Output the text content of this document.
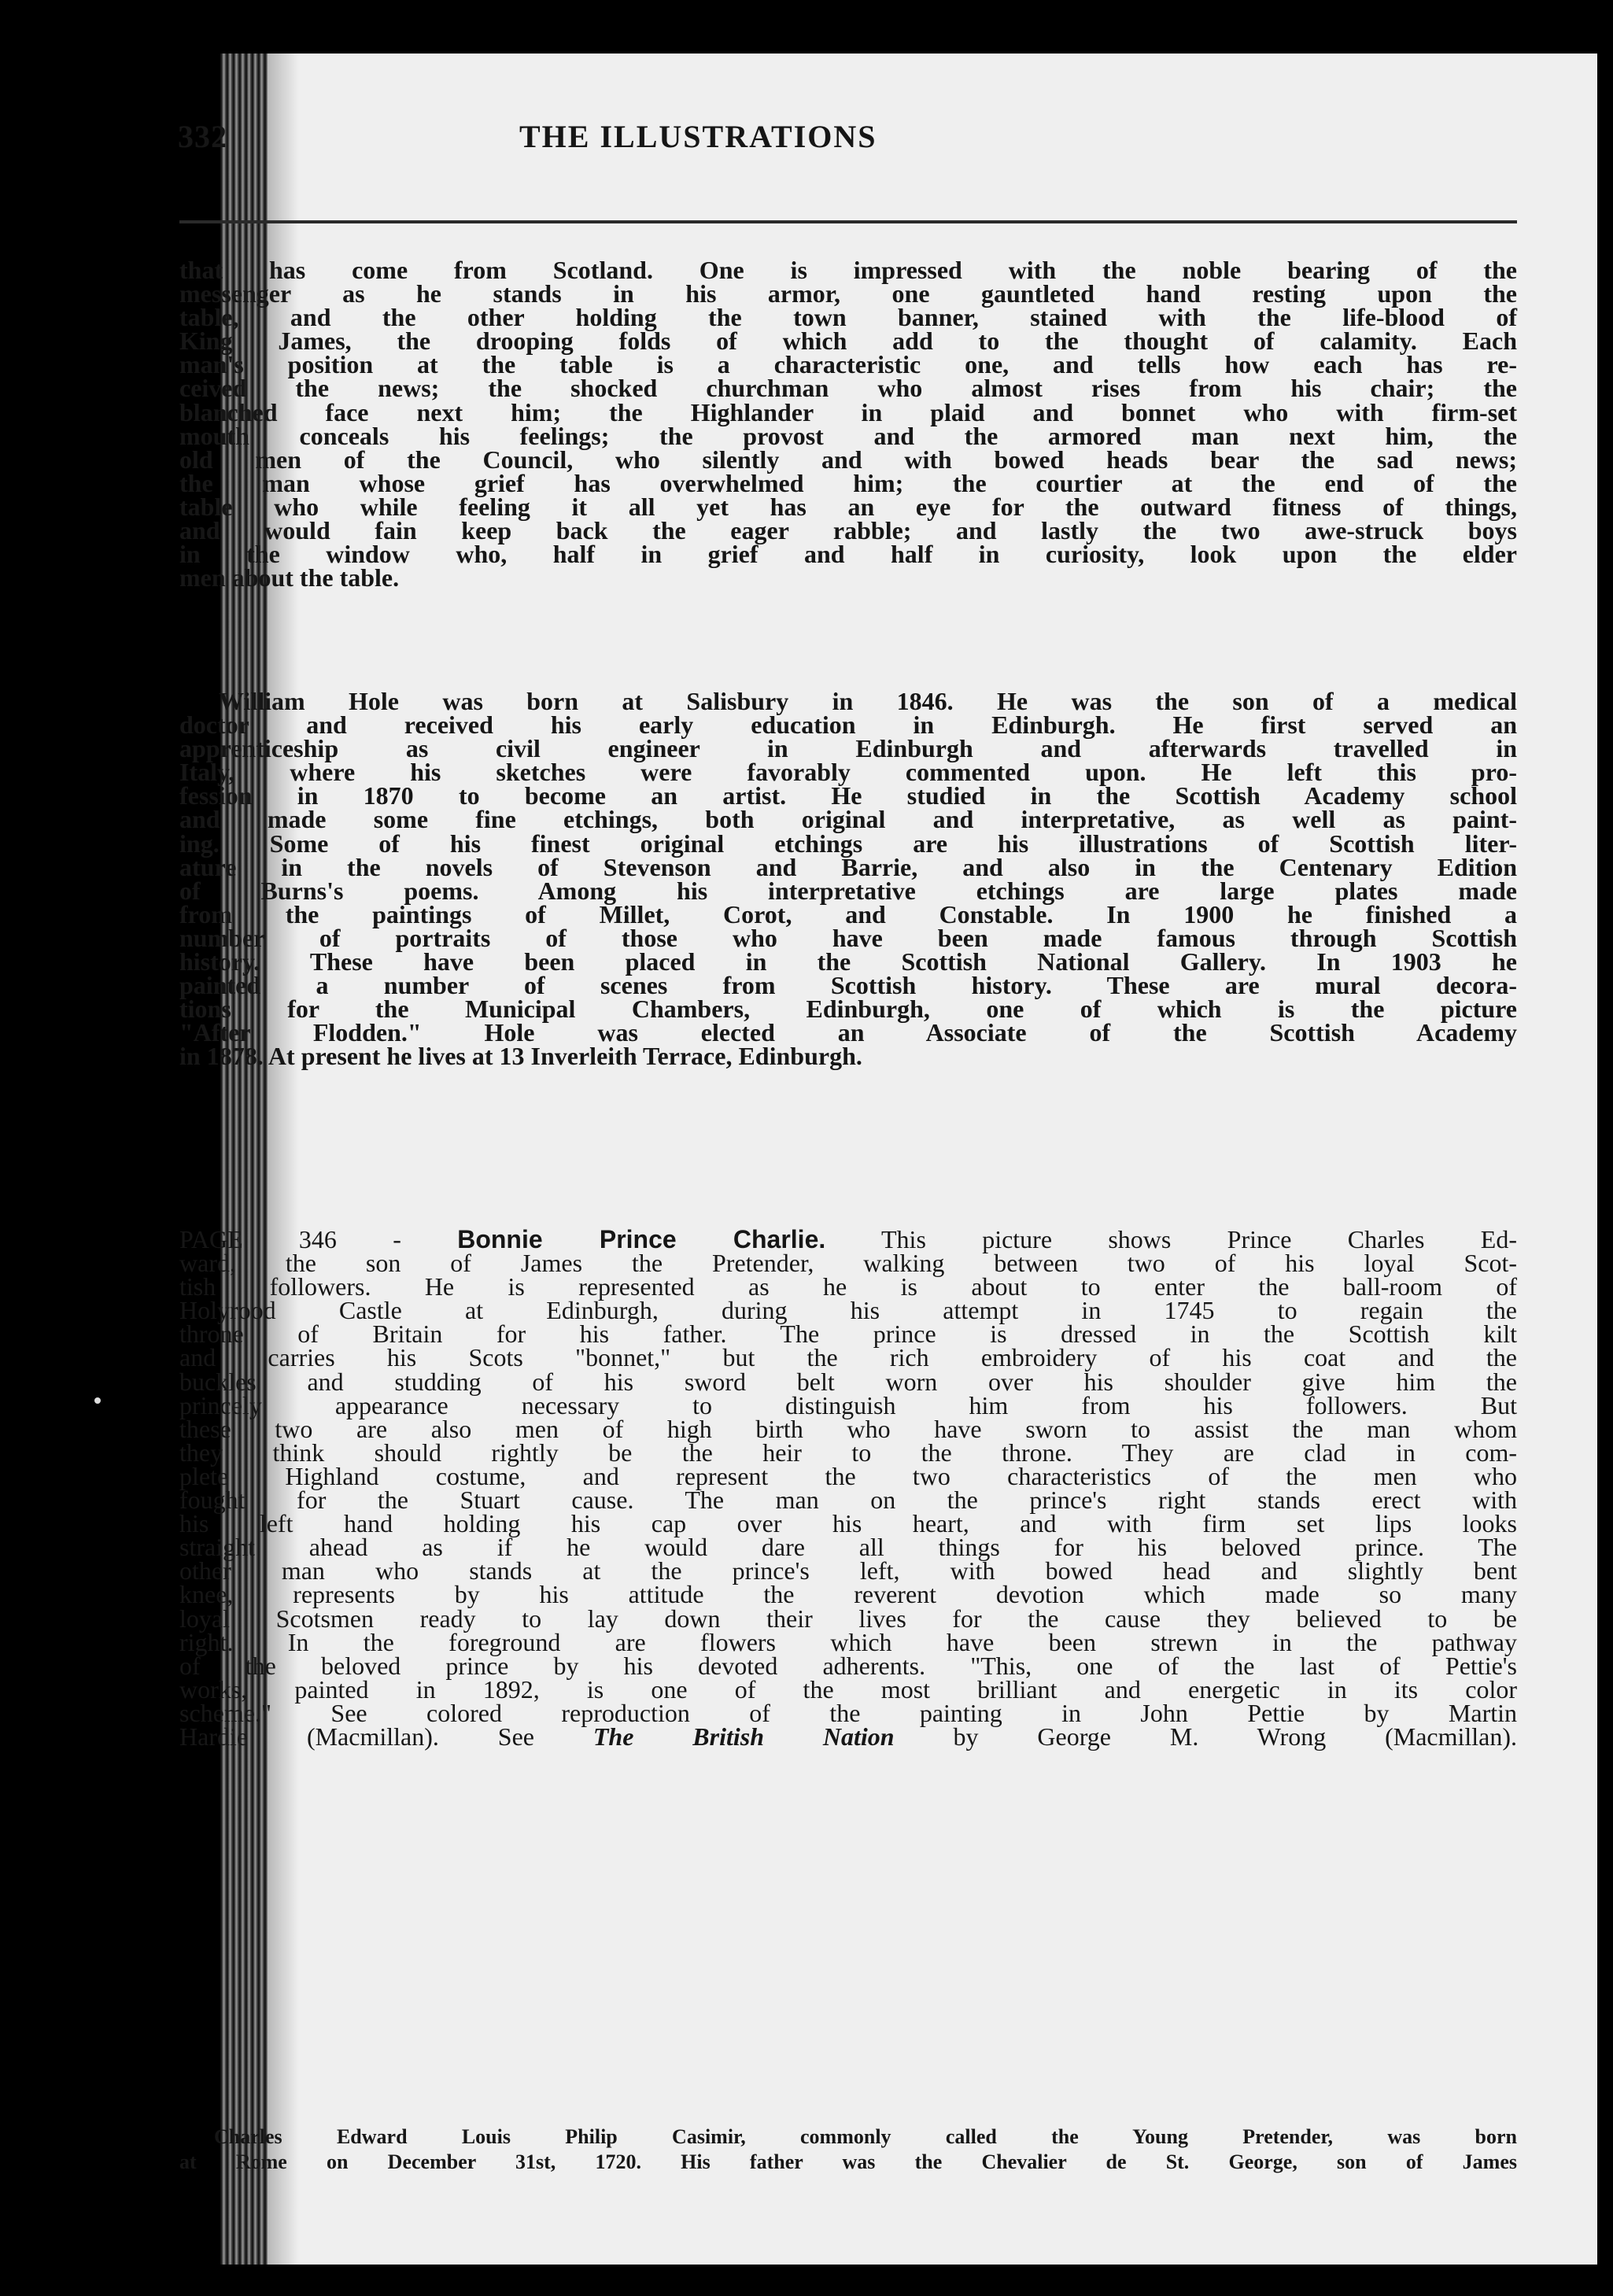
332	THE ILLUSTRATIONS
that has come from Scotland. One is impressed with the noble bearing of the
messenger as he stands in his armor, one gauntleted hand resting upon the
table, and the other holding the town banner, stained with the life-blood of
King James, the drooping folds of which add to the thought of calamity. Each
man's position at the table is a characteristic one, and tells how each has re-
ceived the news; the shocked churchman who almost rises from his chair; the
blanched face next him; the Highlander in plaid and bonnet who with firm-set
mouth conceals his feelings; the provost and the armored man next him, the
old men of the Council, who silently and with bowed heads bear the sad news;
the man whose grief has overwhelmed him; the courtier at the end of the
table who while feeling it all yet has an eye for the outward fitness of things,
and would fain keep back the eager rabble; and lastly the two awe-struck boys
in the window who, half in grief and half in curiosity, look upon the elder
men about the table.
William Hole was born at Salisbury in 1846. He was the son of a medical
doctor and received his early education in Edinburgh. He first served an
apprenticeship as civil engineer in Edinburgh and afterwards travelled in
Italy, where his sketches were favorably commented upon. He left this pro-
fession in 1870 to become an artist. He studied in the Scottish Academy school
and made some fine etchings, both original and interpretative, as well as paint-
ing. Some of his finest original etchings are his illustrations of Scottish liter-
ature in the novels of Stevenson and Barrie, and also in the Centenary Edition
of Burns's poems. Among his interpretative etchings are large plates made
from the paintings of Millet, Corot, and Constable. In 1900 he finished a
number of portraits of those who have been made famous through Scottish
history. These have been placed in the Scottish National Gallery. In 1903 he
painted a number of scenes from Scottish history. These are mural decora-
tions for the Municipal Chambers, Edinburgh, one of which is the picture
"After Flodden." Hole was elected an Associate of the Scottish Academy
in 1878. At present he lives at 13 Inverleith Terrace, Edinburgh.
PAGE 346 - Bonnie Prince Charlie. This picture shows Prince Charles Ed-
ward, the son of James the Pretender, walking between two of his loyal Scot-
tish followers. He is represented as he is about to enter the ball-room of
Holyrood Castle at Edinburgh, during his attempt in 1745 to regain the
throne of Britain for his father. The prince is dressed in the Scottish kilt
and carries his Scots "bonnet," but the rich embroidery of his coat and the
buckles and studding of his sword belt worn over his shoulder give him the
princely appearance necessary to distinguish him from his followers. But
these two are also men of high birth who have sworn to assist the man whom
they think should rightly be the heir to the throne. They are clad in com-
plete Highland costume, and represent the two characteristics of the men who
fought for the Stuart cause. The man on the prince's right stands erect with
his left hand holding his cap over his heart, and with firm set lips looks
straight ahead as if he would dare all things for his beloved prince. The
other man who stands at the prince's left, with bowed head and slightly bent
knee, represents by his attitude the reverent devotion which made so many
loyal Scotsmen ready to lay down their lives for the cause they believed to be
right. In the foreground are flowers which have been strewn in the pathway
of the beloved prince by his devoted adherents. "This, one of the last of Pettie's
works, painted in 1892, is one of the most brilliant and energetic in its color
scheme." See colored reproduction of the painting in John Pettie by Martin
Hardie (Macmillan). See The British Nation by George M. Wrong (Macmillan).
Charles Edward Louis Philip Casimir, commonly called the Young Pretender, was born
at Rome on December 31st, 1720. His father was the Chevalier de St. George, son of James
